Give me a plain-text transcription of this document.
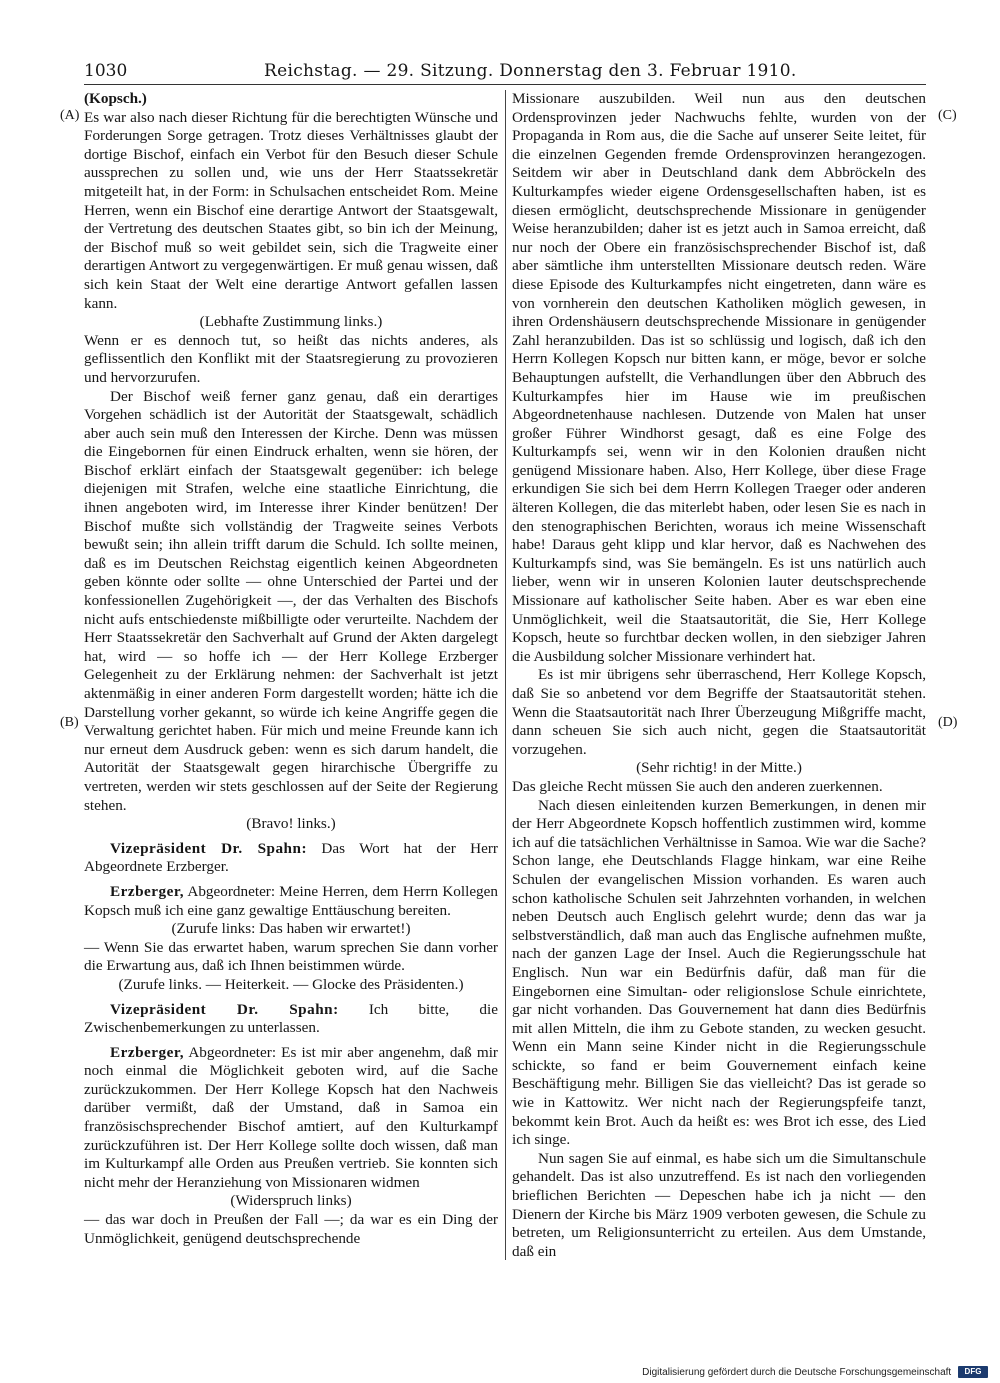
1030	Reichstag. — 29. Sitzung. Donnerstag den 3. Februar 1910.
(A)
(B)
(C)
(D)

(Kopsch.)

Es war also nach dieser Richtung für die berechtigten Wünsche und Forderungen Sorge getragen. Trotz dieses Verhältnisses glaubt der dortige Bischof, einfach ein Verbot für den Besuch dieser Schule aussprechen zu sollen und, wie uns der Herr Staatssekretär mitgeteilt hat, in der Form: in Schulsachen entscheidet Rom. Meine Herren, wenn ein Bischof eine derartige Antwort der Staatsgewalt, der Vertretung des deutschen Staates gibt, so bin ich der Meinung, der Bischof muß so weit gebildet sein, sich die Tragweite einer derartigen Antwort zu vergegenwärtigen. Er muß genau wissen, daß sich kein Staat der Welt eine derartige Antwort gefallen lassen kann.

(Lebhafte Zustimmung links.)

Wenn er es dennoch tut, so heißt das nichts anderes, als geflissentlich den Konflikt mit der Staatsregierung zu provozieren und hervorzurufen.

Der Bischof weiß ferner ganz genau, daß ein derartiges Vorgehen schädlich ist der Autorität der Staatsgewalt, schädlich aber auch sein muß den Interessen der Kirche. Denn was müssen die Eingebornen für einen Eindruck erhalten, wenn sie hören, der Bischof erklärt einfach der Staatsgewalt gegenüber: ich belege diejenigen mit Strafen, welche eine staatliche Einrichtung, die ihnen angeboten wird, im Interesse ihrer Kinder benützen! Der Bischof mußte sich vollständig der Tragweite seines Verbots bewußt sein; ihn allein trifft darum die Schuld. Ich sollte meinen, daß es im Deutschen Reichstag eigentlich keinen Abgeordneten geben könnte oder sollte — ohne Unterschied der Partei und der konfessionellen Zugehörigkeit —, der das Verhalten des Bischofs nicht aufs entschiedenste mißbilligte oder verurteilte. Nachdem der Herr Staatssekretär den Sachverhalt auf Grund der Akten dargelegt hat, wird — so hoffe ich — der Herr Kollege Erzberger Gelegenheit zu der Erklärung nehmen: der Sachverhalt ist jetzt aktenmäßig in einer anderen Form dargestellt worden; hätte ich die Darstellung vorher gekannt, so würde ich keine Angriffe gegen die Verwaltung gerichtet haben. Für mich und meine Freunde kann ich nur erneut dem Ausdruck geben: wenn es sich darum handelt, die Autorität der Staatsgewalt gegen hirarchische Übergriffe zu vertreten, werden wir stets geschlossen auf der Seite der Regierung stehen.

(Bravo! links.)

Vizepräsident Dr. Spahn: Das Wort hat der Herr Abgeordnete Erzberger.

Erzberger, Abgeordneter: Meine Herren, dem Herrn Kollegen Kopsch muß ich eine ganz gewaltige Enttäuschung bereiten.

(Zurufe links: Das haben wir erwartet!)

— Wenn Sie das erwartet haben, warum sprechen Sie dann vorher die Erwartung aus, daß ich Ihnen beistimmen würde.

(Zurufe links. — Heiterkeit. — Glocke des Präsidenten.)

Vizepräsident Dr. Spahn: Ich bitte, die Zwischenbemerkungen zu unterlassen.

Erzberger, Abgeordneter: Es ist mir aber angenehm, daß mir noch einmal die Möglichkeit geboten wird, auf die Sache zurückzukommen. Der Herr Kollege Kopsch hat den Nachweis darüber vermißt, daß der Umstand, daß in Samoa ein französischsprechender Bischof amtiert, auf den Kulturkampf zurückzuführen ist. Der Herr Kollege sollte doch wissen, daß man im Kulturkampf alle Orden aus Preußen vertrieb. Sie konnten sich nicht mehr der Heranziehung von Missionaren widmen

(Widerspruch links)

— das war doch in Preußen der Fall —; da war es ein Ding der Unmöglichkeit, genügend deutschsprechende

Missionare auszubilden. Weil nun aus den deutschen Ordensprovinzen jeder Nachwuchs fehlte, wurden von der Propaganda in Rom aus, die die Sache auf unserer Seite leitet, für die einzelnen Gegenden fremde Ordensprovinzen herangezogen. Seitdem wir aber in Deutschland dank dem Abbröckeln des Kulturkampfes wieder eigene Ordensgesellschaften haben, ist es diesen ermöglicht, deutschsprechende Missionare in genügender Weise heranzubilden; daher ist es jetzt auch in Samoa erreicht, daß nur noch der Obere ein französischsprechender Bischof ist, daß aber sämtliche ihm unterstellten Missionare deutsch reden. Wäre diese Episode des Kulturkampfes nicht eingetreten, dann wäre es von vornherein den deutschen Katholiken möglich gewesen, in ihren Ordenshäusern deutschsprechende Missionare in genügender Zahl heranzubilden. Das ist so schlüssig und logisch, daß ich den Herrn Kollegen Kopsch nur bitten kann, er möge, bevor er solche Behauptungen aufstellt, die Verhandlungen über den Abbruch des Kulturkampfes hier im Hause wie im preußischen Abgeordnetenhause nachlesen. Dutzende von Malen hat unser großer Führer Windhorst gesagt, daß es eine Folge des Kulturkampfs sei, wenn wir in den Kolonien draußen nicht genügend Missionare haben. Also, Herr Kollege, über diese Frage erkundigen Sie sich bei dem Herrn Kollegen Traeger oder anderen älteren Kollegen, die das miterlebt haben, oder lesen Sie es nach in den stenographischen Berichten, woraus ich meine Wissenschaft habe! Daraus geht klipp und klar hervor, daß es Nachwehen des Kulturkampfs sind, was Sie bemängeln. Es ist uns natürlich auch lieber, wenn wir in unseren Kolonien lauter deutschsprechende Missionare auf katholischer Seite haben. Aber es war eben eine Unmöglichkeit, weil die Staatsautorität, die Sie, Herr Kollege Kopsch, heute so furchtbar decken wollen, in den siebziger Jahren die Ausbildung solcher Missionare verhindert hat.

Es ist mir übrigens sehr überraschend, Herr Kollege Kopsch, daß Sie so anbetend vor dem Begriffe der Staatsautorität stehen. Wenn die Staatsautorität nach Ihrer Überzeugung Mißgriffe macht, dann scheuen Sie sich auch nicht, gegen die Staatsautorität vorzugehen.

(Sehr richtig! in der Mitte.)

Das gleiche Recht müssen Sie auch den anderen zuerkennen.

Nach diesen einleitenden kurzen Bemerkungen, in denen mir der Herr Abgeordnete Kopsch hoffentlich zustimmen wird, komme ich auf die tatsächlichen Verhältnisse in Samoa. Wie war die Sache? Schon lange, ehe Deutschlands Flagge hinkam, war eine Reihe Schulen der evangelischen Mission vorhanden. Es waren auch schon katholische Schulen seit Jahrzehnten vorhanden, in welchen neben Deutsch auch Englisch gelehrt wurde; denn das war ja selbstverständlich, daß man auch das Englische aufnehmen mußte, nach der ganzen Lage der Insel. Auch die Regierungsschule hat Englisch. Nun war ein Bedürfnis dafür, daß man für die Eingebornen eine Simultan- oder religionslose Schule einrichtete, gar nicht vorhanden. Das Gouvernement hat dann dies Bedürfnis mit allen Mitteln, die ihm zu Gebote standen, zu wecken gesucht. Wenn ein Mann seine Kinder nicht in die Regierungsschule schickte, so fand er beim Gouvernement einfach keine Beschäftigung mehr. Billigen Sie das vielleicht? Das ist gerade so wie in Kattowitz. Wer nicht nach der Regierungspfeife tanzt, bekommt kein Brot. Auch da heißt es: wes Brot ich esse, des Lied ich singe.

Nun sagen Sie auf einmal, es habe sich um die Simultanschule gehandelt. Das ist also unzutreffend. Es ist nach den vorliegenden brieflichen Berichten — Depeschen habe ich ja nicht — den Dienern der Kirche bis März 1909 verboten gewesen, die Schule zu betreten, um Religionsunterricht zu erteilen. Aus dem Umstande, daß ein

Digitalisierung gefördert durch die Deutsche Forschungsgemeinschaft DFG
